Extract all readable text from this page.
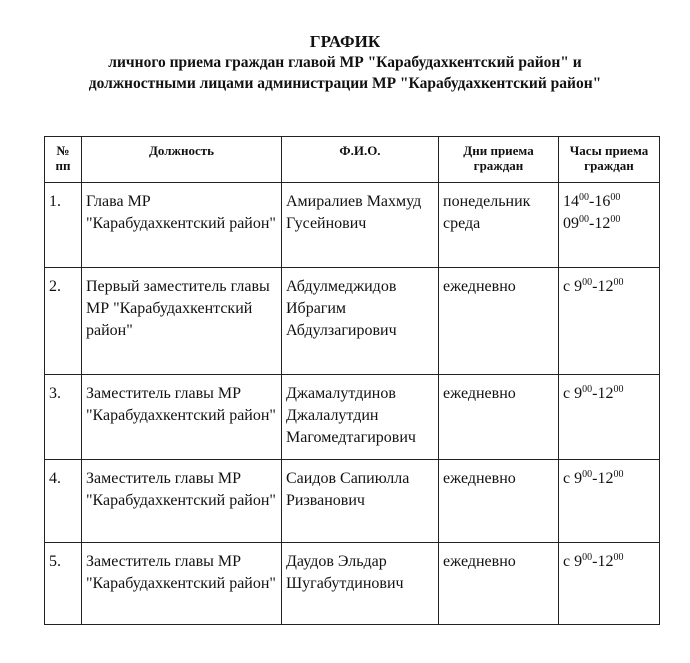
ГРАФИК
личного приема граждан главой МР "Карабудахкентский район" и
должностными лицами администрации МР "Карабудахкентский район"
№ пп	Должность	Ф.И.О.	Дни приема граждан	Часы приема граждан
1.	Глава МР "Карабудахкентский район"	Амиралиев Махмуд Гусейнович	понедельник среда	$14^{00}-16^{00}$
$09^{00}-12^{00}$

2.	Первый заместитель главы МР "Карабудахкентский район"	Абдулмеджидов Ибрагим Абдулзагирович	ежедневно	с $9^{00}-12^{00}$

3.	Заместитель главы МР "Карабудахкентский район"	Джамалутдинов Джалалутдин Магомедтагирович	ежедневно	с $9^{00}-12^{00}$

4.	Заместитель главы МР "Карабудахкентский район"	Саидов Сапиюлла Ризванович	ежедневно	с $9^{00}-12^{00}$

5.	Заместитель главы МР "Карабудахкентский район"	Даудов Эльдар Шугабутдинович	ежедневно	с $9^{00}-12^{00}$
